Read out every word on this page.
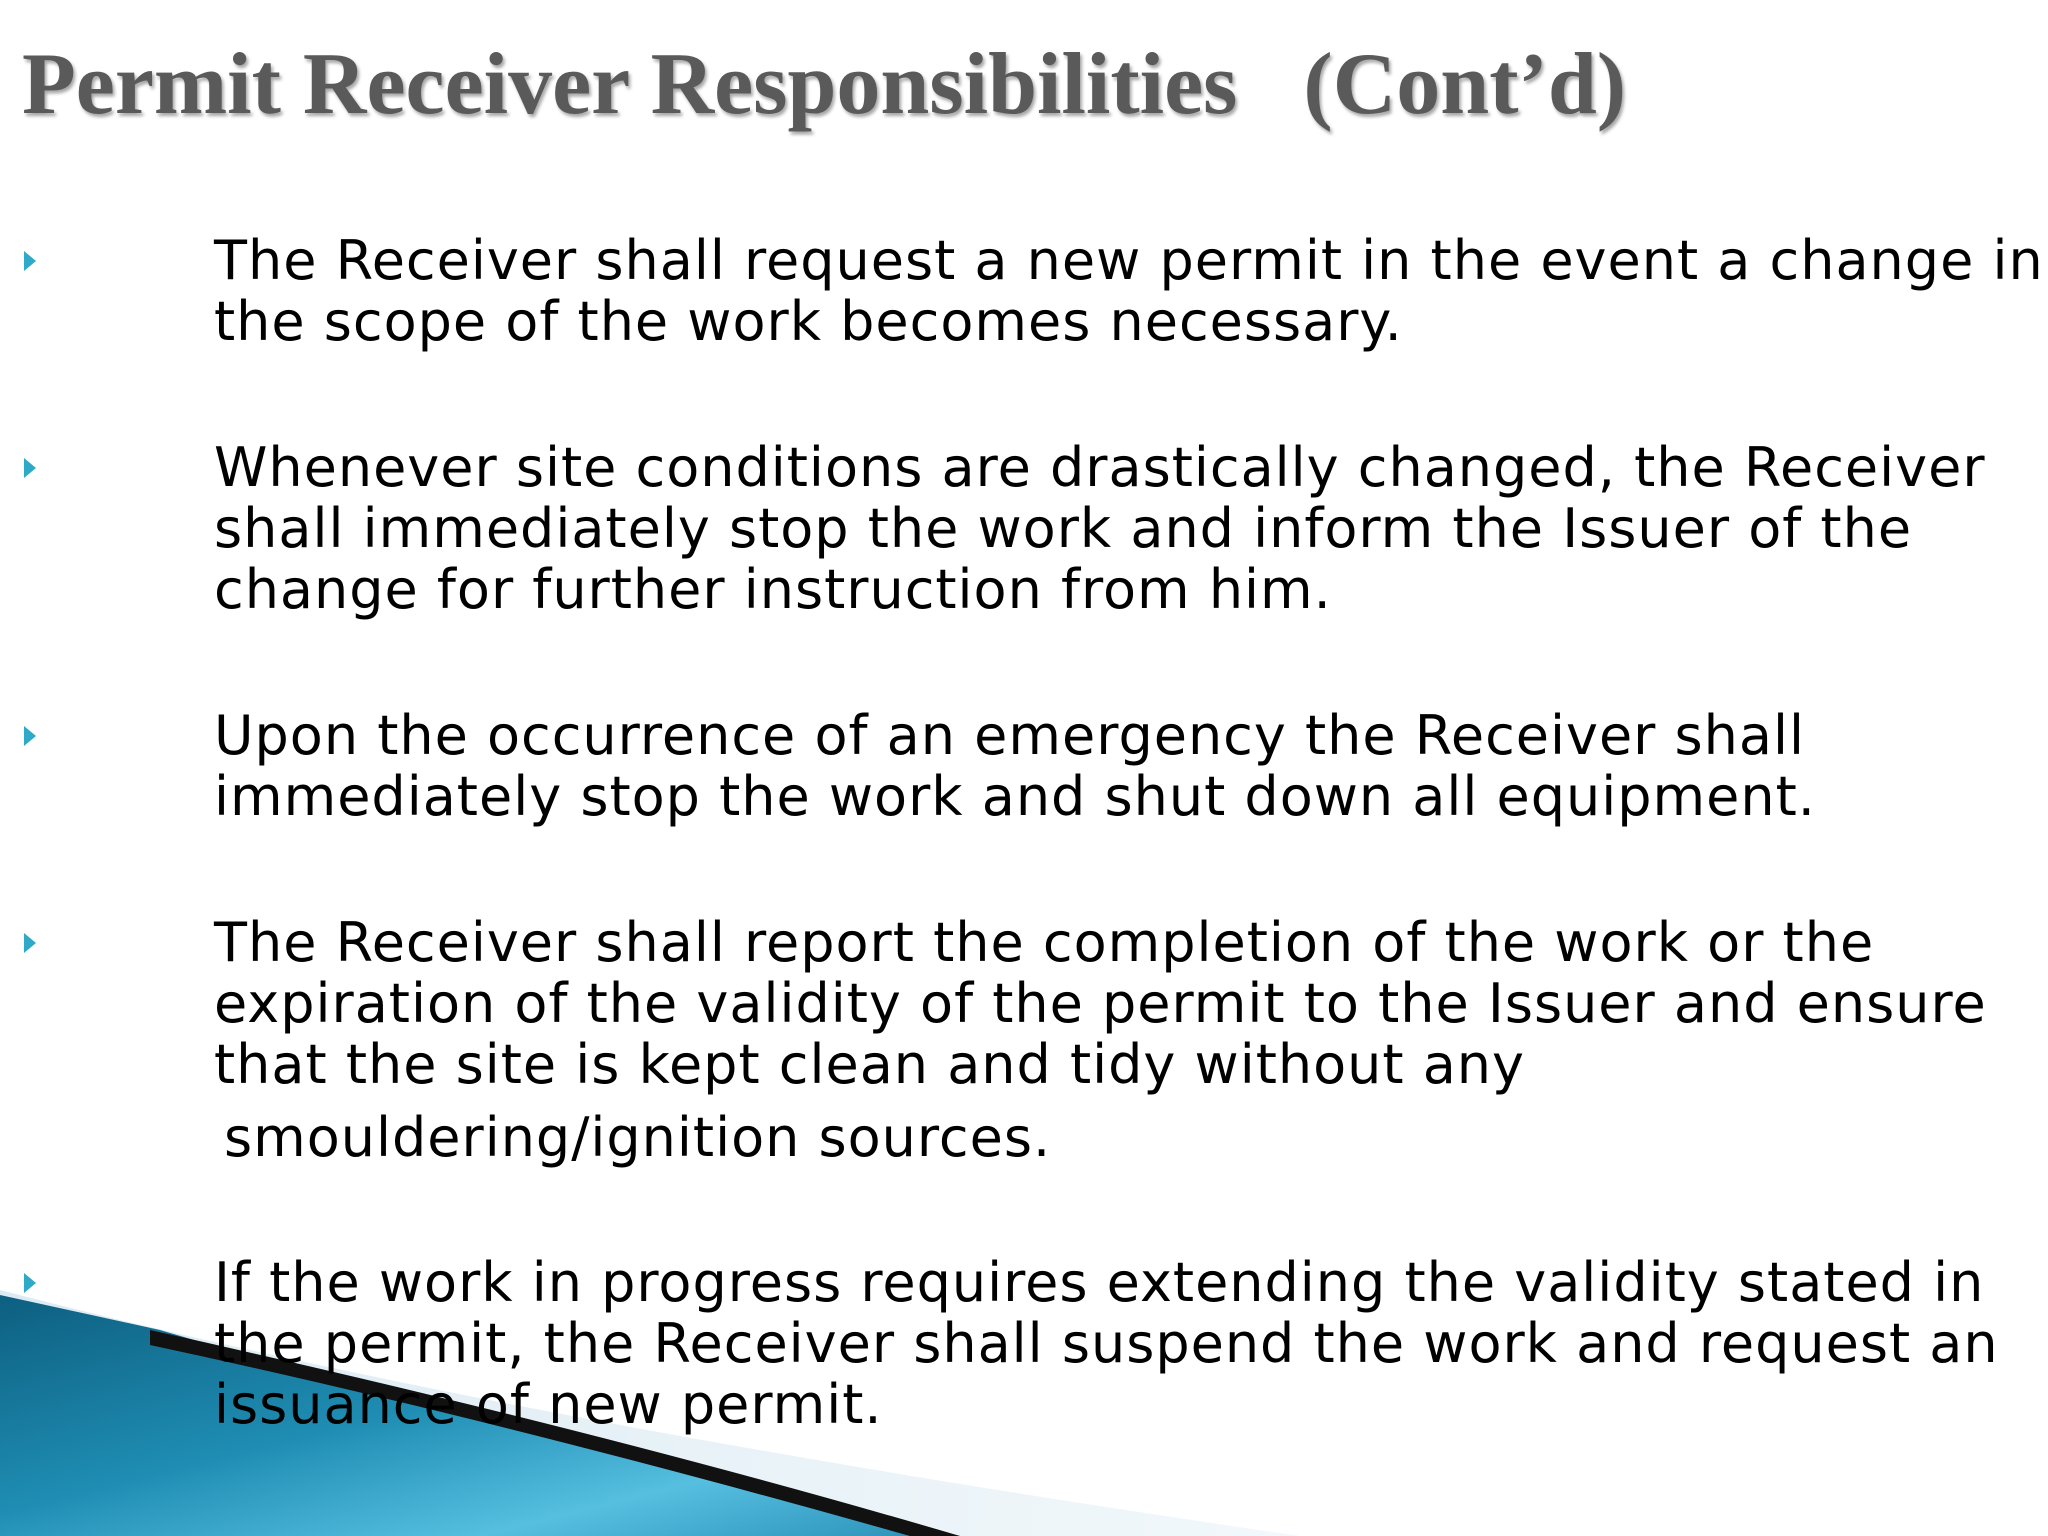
Permit Receiver Responsibilities   (Cont’d)

The Receiver shall request a new permit in the event a change in
the scope of the work becomes necessary.

Whenever site conditions are drastically changed, the Receiver
shall immediately stop the work and inform the Issuer of the
change for further instruction from him.

Upon the occurrence of an emergency the Receiver shall
immediately stop the work and shut down all equipment.

The Receiver shall report the completion of the work or the
expiration of the validity of the permit to the Issuer and ensure
that the site is kept clean and tidy without any
smouldering/ignition sources.

If the work in progress requires extending the validity stated in
the permit, the Receiver shall suspend the work and request an
issuance of new permit.
